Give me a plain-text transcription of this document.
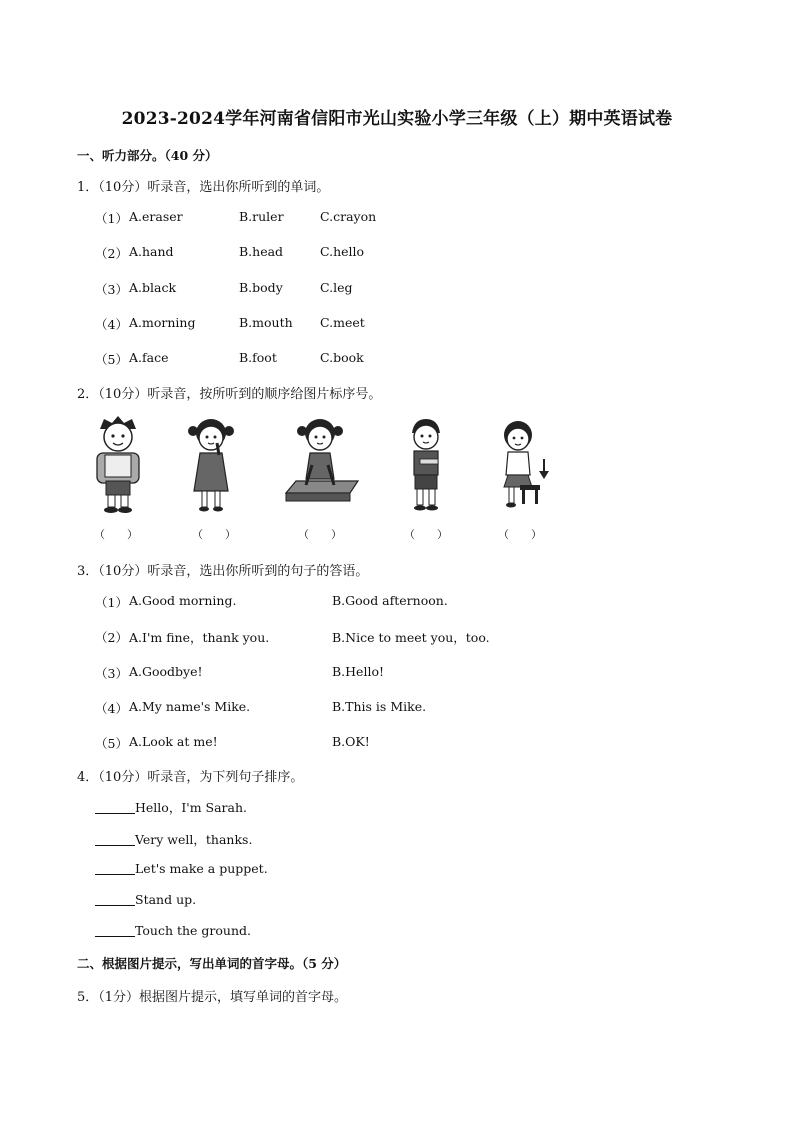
2023-2024学年河南省信阳市光山实验小学三年级（上）期中英语试卷
一、听力部分。（40 分）
1．（10分）听录音，选出你所听到的单词。
（1） A.eraser	B.ruler	C.crayon
（2） A.hand	B.head	C.hello
（3） A.black	B.body	C.leg
（4） A.morning	B.mouth C.meet
（5） A.face	B.foot	C.book
2．（10分）听录音，按所听到的顺序给图片标序号。
（　　）	（　　）	（　　）	（　　）	（　　）
3．（10分）听录音，选出你所听到的句子的答语。
（1） A.Good morning.	B.Good afternoon.
（2） A.I'm fine，thank you.	B.Nice to meet you，too.
（3） A.Goodbye!	B.Hello!
（4） A.My name's Mike.	B.This is Mike.
（5） A.Look at me!	B.OK!
4．（10分）听录音，为下列句子排序。
Hello，I'm Sarah.
Very well，thanks.
Let's make a puppet.
Stand up.
Touch the ground.
二、根据图片提示，写出单词的首字母。（5 分）
5．（1分）根据图片提示，填写单词的首字母。
